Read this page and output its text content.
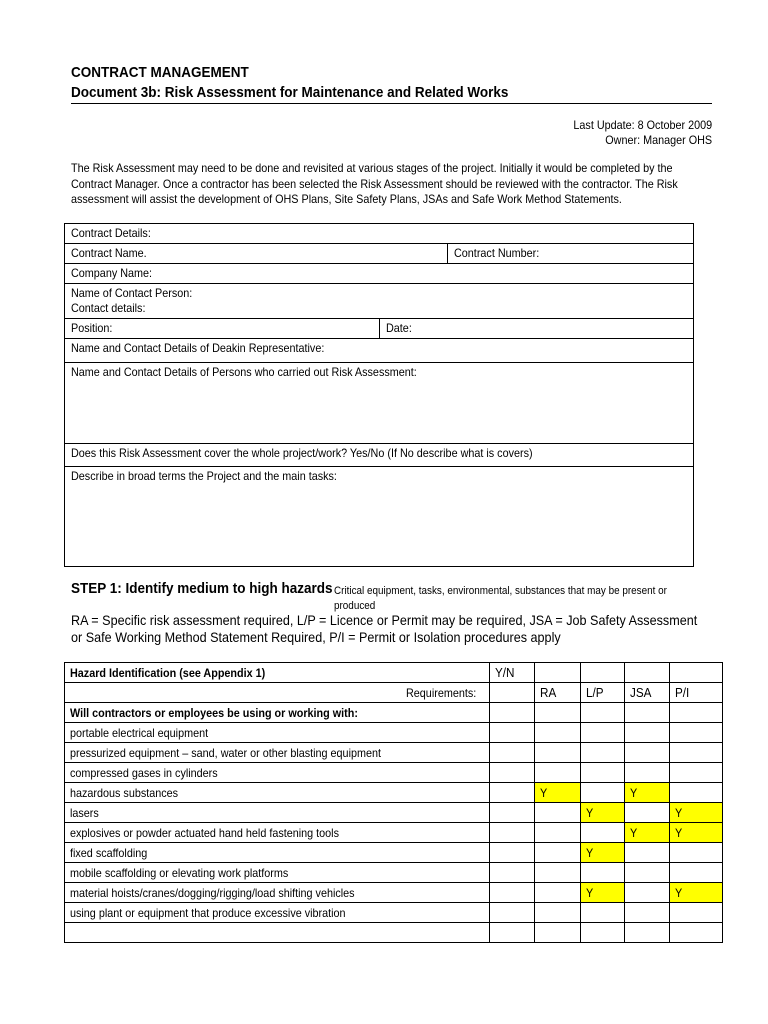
CONTRACT MANAGEMENT
Document 3b: Risk Assessment for Maintenance and Related Works
Last Update: 8 October 2009
Owner: Manager OHS
The Risk Assessment may need to be done and revisited at various stages of the project. Initially it would be completed by the Contract Manager. Once a contractor has been selected the Risk Assessment should be reviewed with the contractor. The Risk assessment will assist the development of OHS Plans, Site Safety Plans, JSAs and Safe Work Method Statements.
Contract Details:
Contract Name.	Contract Number:
Company Name:
Name of Contact Person:
Contact details:
Position:	Date:
Name and Contact Details of Deakin Representative:
Name and Contact Details of Persons who carried out Risk Assessment:
Does this Risk Assessment cover the whole project/work? Yes/No (If No describe what is covers)
Describe in broad terms the Project and the main tasks:
STEP 1: Identify medium to high hazards Critical equipment, tasks, environmental, substances that may be present or produced
RA = Specific risk assessment required, L/P = Licence or Permit may be required, JSA = Job Safety Assessment or Safe Working Method Statement Required, P/I = Permit or Isolation procedures apply
Hazard Identification (see Appendix 1)	Y/N				
Requirements:		RA	L/P	JSA	P/I
Will contractors or employees be using or working with:					
portable electrical equipment					
pressurized equipment – sand, water or other blasting equipment					
compressed gases in cylinders					
hazardous substances		Y		Y	
lasers			Y		Y
explosives or powder actuated hand held fastening tools				Y	Y
fixed scaffolding			Y		
mobile scaffolding or elevating work platforms					
material hoists/cranes/dogging/rigging/load shifting vehicles			Y		Y
using plant or equipment that produce excessive vibration					
